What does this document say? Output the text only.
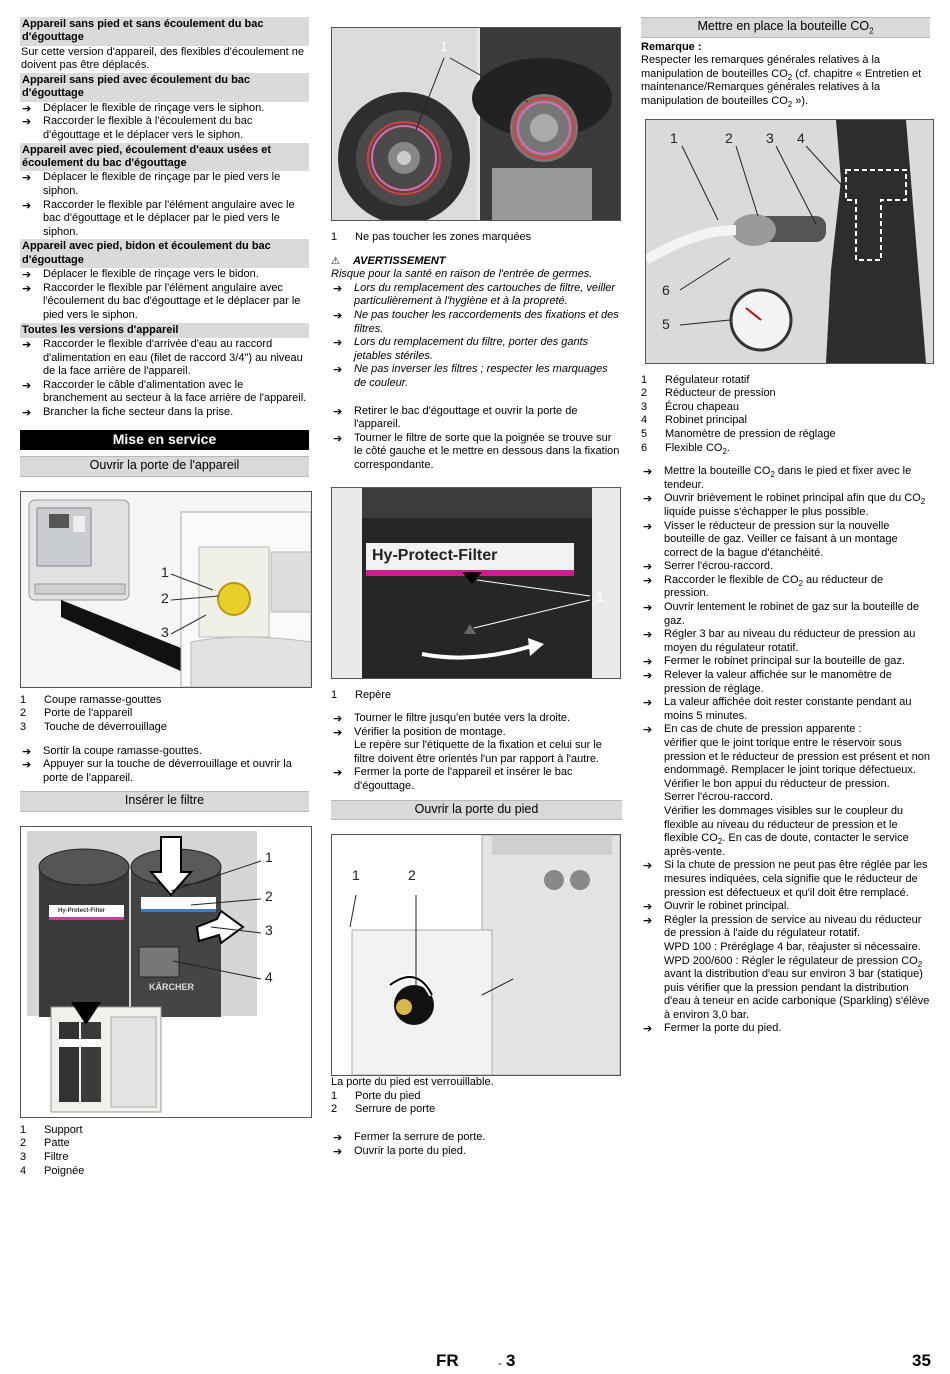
Appareil sans pied et sans écoulement du bac d'égouttage

Sur cette version d'appareil, des flexibles d'écoulement ne doivent pas être déplacés.

Appareil sans pied avec écoulement du bac d'égouttage

➔ Déplacer le flexible de rinçage vers le siphon.
➔ Raccorder le flexible à l'écoulement du bac d'égouttage et le déplacer vers le siphon.

Appareil avec pied, écoulement d'eaux usées et écoulement du bac d'égouttage

➔ Déplacer le flexible de rinçage par le pied vers le siphon.
➔ Raccorder le flexible par l'élément angulaire avec le bac d'égouttage et le déplacer par le pied vers le siphon.

Appareil avec pied, bidon et écoulement du bac d'égouttage

➔ Déplacer le flexible de rinçage vers le bidon.
➔ Raccorder le flexible par l'élément angulaire avec l'écoulement du bac d'égouttage et le déplacer par le pied vers le siphon.

Toutes les versions d'appareil

➔ Raccorder le flexible d'arrivée d'eau au raccord d'alimentation en eau (filet de raccord 3/4") au niveau de la face arrière de l'appareil.
➔ Raccorder le câble d'alimentation avec le branchement au secteur à la face arrière de l'appareil.
➔ Brancher la fiche secteur dans la prise.

Mise en service

Ouvrir la porte de l'appareil

1
2
3
1	Coupe ramasse-gouttes
2	Porte de l'appareil
3	Touche de déverrouillage
➔ Sortir la coupe ramasse-gouttes.
➔ Appuyer sur la touche de déverrouillage et ouvrir la porte de l'appareil.

Insérer le filtre

Hy-Protect-Filter
KÄRCHER
1
2
3
4
1	Support
2	Patte
3	Filtre
4	Poignée
1
1	Ne pas toucher les zones marquées

⚠ AVERTISSEMENT

Risque pour la santé en raison de l'entrée de germes.

➔ Lors du remplacement des cartouches de filtre, veiller particulièrement à l'hygiène et à la propreté.
➔ Ne pas toucher les raccordements des fixations et des filtres.
➔ Lors du remplacement du filtre, porter des gants jetables stériles.
➔ Ne pas inverser les filtres ; respecter les marquages de couleur.
➔ Retirer le bac d'égouttage et ouvrir la porte de l'appareil.
➔ Tourner le filtre de sorte que la poignée se trouve sur le côté gauche et le mettre en dessous dans la fixation correspondante.
Hy-Protect-Filter
1
1	Repère
➔ Tourner le filtre jusqu'en butée vers la droite.
➔ Vérifier la position de montage.
Le repère sur l'étiquette de la fixation et celui sur le filtre doivent être orientés l'un par rapport à l'autre.
➔ Fermer la porte de l'appareil et insérer le bac d'égouttage.

Ouvrir la porte du pied

1	2

La porte du pied est verrouillable.

1	Porte du pied
2	Serrure de porte
➔ Fermer la serrure de porte.
➔ Ouvrir la porte du pied.

Mettre en place la bouteille $CO_2$

Remarque :

Respecter les remarques générales relatives à la manipulation de bouteilles $CO_2$ (cf. chapitre « Entretien et maintenance/Remarques générales relatives à la manipulation de bouteilles $CO_2$ »).

1	2 3 4
6
5
1	Régulateur rotatif
2	Réducteur de pression
3	Écrou chapeau
4	Robinet principal
5	Manomètre de pression de réglage
6	Flexible $CO_2$.
➔ Mettre la bouteille $CO_2$ dans le pied et fixer avec le tendeur.
➔ Ouvrir brièvement le robinet principal afin que du $CO_2$ liquide puisse s'échapper le plus possible.
➔ Visser le réducteur de pression sur la nouvelle bouteille de gaz. Veiller ce faisant à un montage correct de la bague d'étanchéité.
➔ Serrer l'écrou-raccord.
➔ Raccorder le flexible de $CO_2$ au réducteur de pression.
➔ Ouvrir lentement le robinet de gaz sur la bouteille de gaz.
➔ Régler 3 bar au niveau du réducteur de pression au moyen du régulateur rotatif.
➔ Fermer le robinet principal sur la bouteille de gaz.
➔ Relever la valeur affichée sur le manomètre de pression de réglage.
➔ La valeur affichée doit rester constante pendant au moins 5 minutes.
➔ En cas de chute de pression apparente :
vérifier que le joint torique entre le réservoir sous pression et le réducteur de pression est présent et non endommagé. Remplacer le joint torique défectueux.
Vérifier le bon appui du réducteur de pression.
Serrer l'écrou-raccord.
Vérifier les dommages visibles sur le coupleur du flexible au niveau du réducteur de pression et le flexible $CO_2$. En cas de doute, contacter le service après-vente.
➔ Si la chute de pression ne peut pas être réglée par les mesures indiquées, cela signifie que le réducteur de pression est défectueux et qu'il doit être remplacé.
➔ Ouvrir le robinet principal.
➔ Régler la pression de service au niveau du réducteur de pression à l'aide du régulateur rotatif.
WPD 100 : Préréglage 4 bar, réajuster si nécessaire.
WPD 200/600 : Régler le régulateur de pression $CO_2$ avant la distribution d'eau sur environ 3 bar (statique) puis vérifier que la pression pendant la distribution d'eau à teneur en acide carbonique (Sparkling) s'élève à environ 3,0 bar.
➔ Fermer la porte du pied.
FR	- 3	35
